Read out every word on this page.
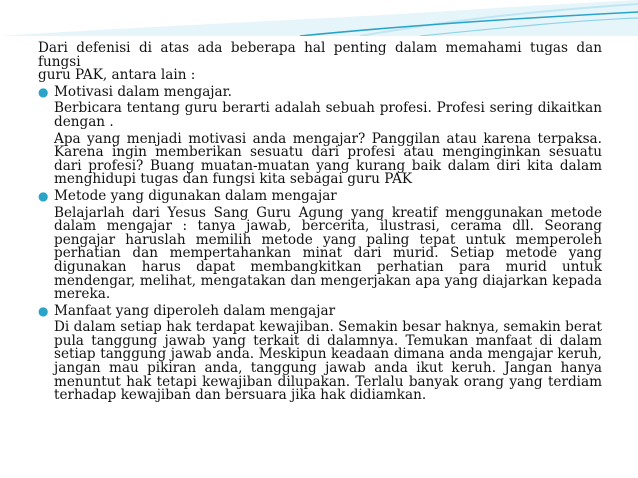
Dari defenisi di atas ada beberapa hal penting dalam memahami tugas dan fungsi

guru PAK, antara lain :

● Motivasi dalam mengajar.

Berbicara tentang guru berarti adalah sebuah profesi. Profesi sering dikaitkan dengan .

Apa yang menjadi motivasi anda mengajar? Panggilan atau karena terpaksa. Karena ingin memberikan sesuatu dari profesi atau menginginkan sesuatu dari profesi? Buang muatan-muatan yang kurang baik dalam diri kita dalam menghidupi tugas dan fungsi kita sebagai guru PAK

● Metode yang digunakan dalam mengajar

Belajarlah dari Yesus Sang Guru Agung yang kreatif menggunakan metode dalam mengajar : tanya jawab, bercerita, ilustrasi, cerama dll. Seorang pengajar haruslah memilih metode yang paling tepat untuk memperoleh perhatian dan mempertahankan minat dari murid. Setiap metode yang digunakan harus dapat membangkitkan perhatian para murid untuk mendengar, melihat, mengatakan dan mengerjakan apa yang diajarkan kepada mereka.

● Manfaat yang diperoleh dalam mengajar

Di dalam setiap hak terdapat kewajiban. Semakin besar haknya, semakin berat pula tanggung jawab yang terkait di dalamnya. Temukan manfaat di dalam setiap tanggung jawab anda. Meskipun keadaan dimana anda mengajar keruh, jangan mau pikiran anda, tanggung jawab anda ikut keruh. Jangan hanya menuntut hak tetapi kewajiban dilupakan. Terlalu banyak orang yang terdiam terhadap kewajiban dan bersuara jika hak didiamkan.
